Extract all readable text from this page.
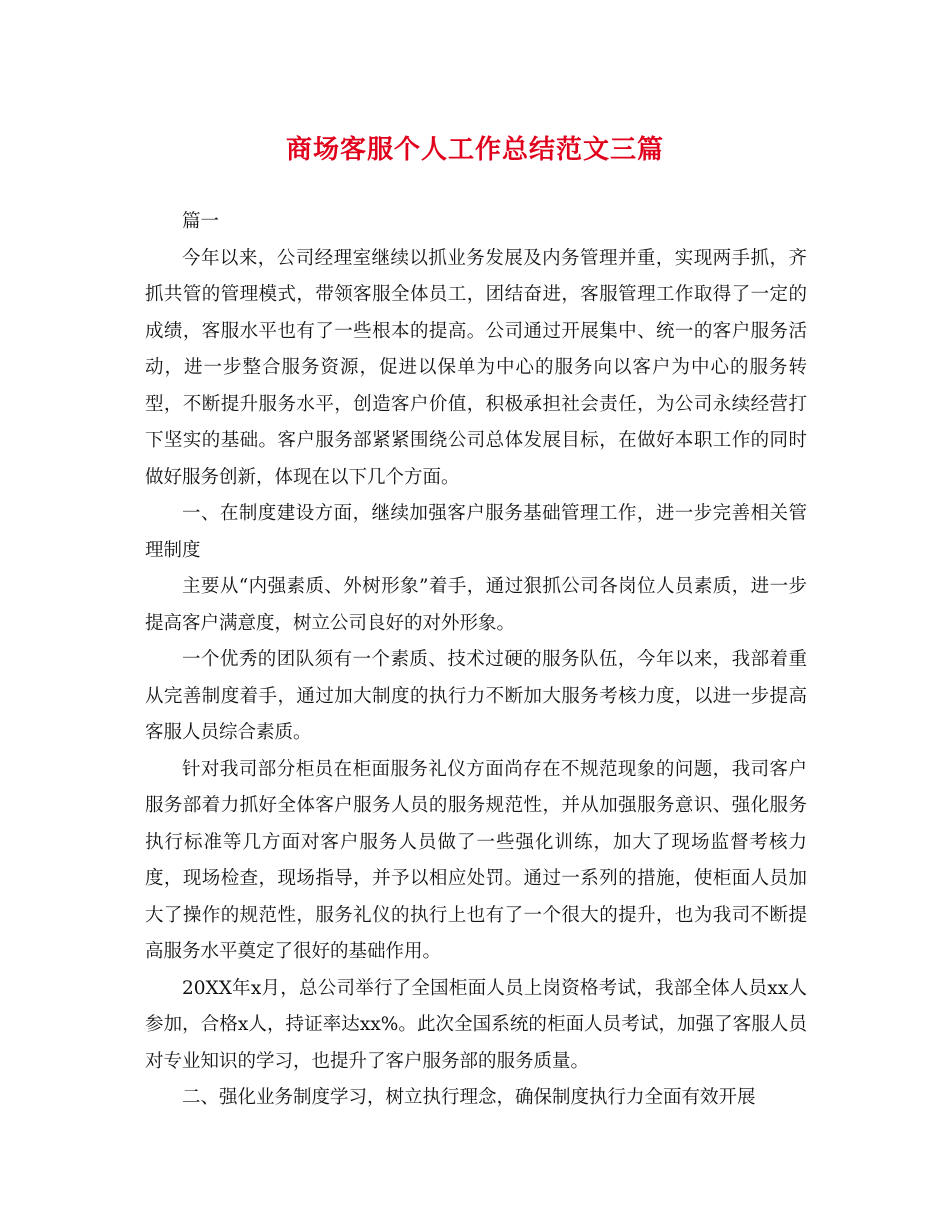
商场客服个人工作总结范文三篇

篇一

今年以来，公司经理室继续以抓业务发展及内务管理并重，实现两手抓，齐抓共管的管理模式，带领客服全体员工，团结奋进，客服管理工作取得了一定的成绩，客服水平也有了一些根本的提高。公司通过开展集中、统一的客户服务活动，进一步整合服务资源，促进以保单为中心的服务向以客户为中心的服务转型，不断提升服务水平，创造客户价值，积极承担社会责任，为公司永续经营打下坚实的基础。客户服务部紧紧围绕公司总体发展目标，在做好本职工作的同时做好服务创新，体现在以下几个方面。

一、在制度建设方面，继续加强客户服务基础管理工作，进一步完善相关管理制度

主要从“内强素质、外树形象”着手，通过狠抓公司各岗位人员素质，进一步提高客户满意度，树立公司良好的对外形象。

一个优秀的团队须有一个素质、技术过硬的服务队伍，今年以来，我部着重从完善制度着手，通过加大制度的执行力不断加大服务考核力度，以进一步提高客服人员综合素质。

针对我司部分柜员在柜面服务礼仪方面尚存在不规范现象的问题，我司客户服务部着力抓好全体客户服务人员的服务规范性，并从加强服务意识、强化服务执行标准等几方面对客户服务人员做了一些强化训练，加大了现场监督考核力度，现场检查，现场指导，并予以相应处罚。通过一系列的措施，使柜面人员加大了操作的规范性，服务礼仪的执行上也有了一个很大的提升，也为我司不断提高服务水平奠定了很好的基础作用。

20XX年x月，总公司举行了全国柜面人员上岗资格考试，我部全体人员xx人参加，合格x人，持证率达xx%。此次全国系统的柜面人员考试，加强了客服人员对专业知识的学习，也提升了客户服务部的服务质量。

二、强化业务制度学习，树立执行理念，确保制度执行力全面有效开展
